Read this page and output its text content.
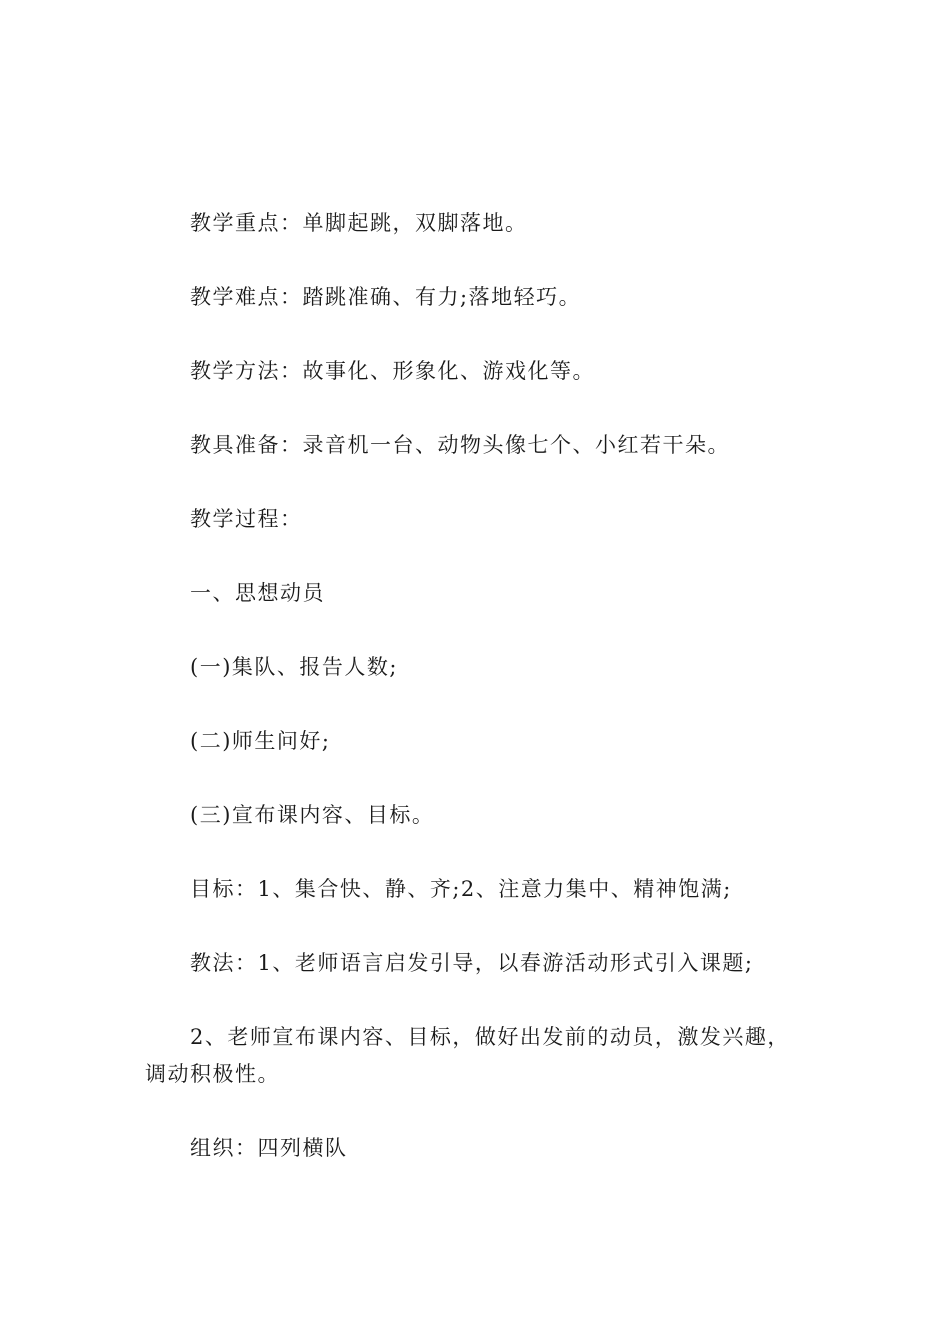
教学重点：单脚起跳，双脚落地。

教学难点：踏跳准确、有力;落地轻巧。

教学方法：故事化、形象化、游戏化等。

教具准备：录音机一台、动物头像七个、小红若干朵。

教学过程：

一、思想动员

(一)集队、报告人数;

(二)师生问好;

(三)宣布课内容、目标。

目标：1、集合快、静、齐;2、注意力集中、精神饱满;

教法：1、老师语言启发引导，以春游活动形式引入课题;

2、老师宣布课内容、目标，做好出发前的动员，激发兴趣，调动积极性。

组织：四列横队
